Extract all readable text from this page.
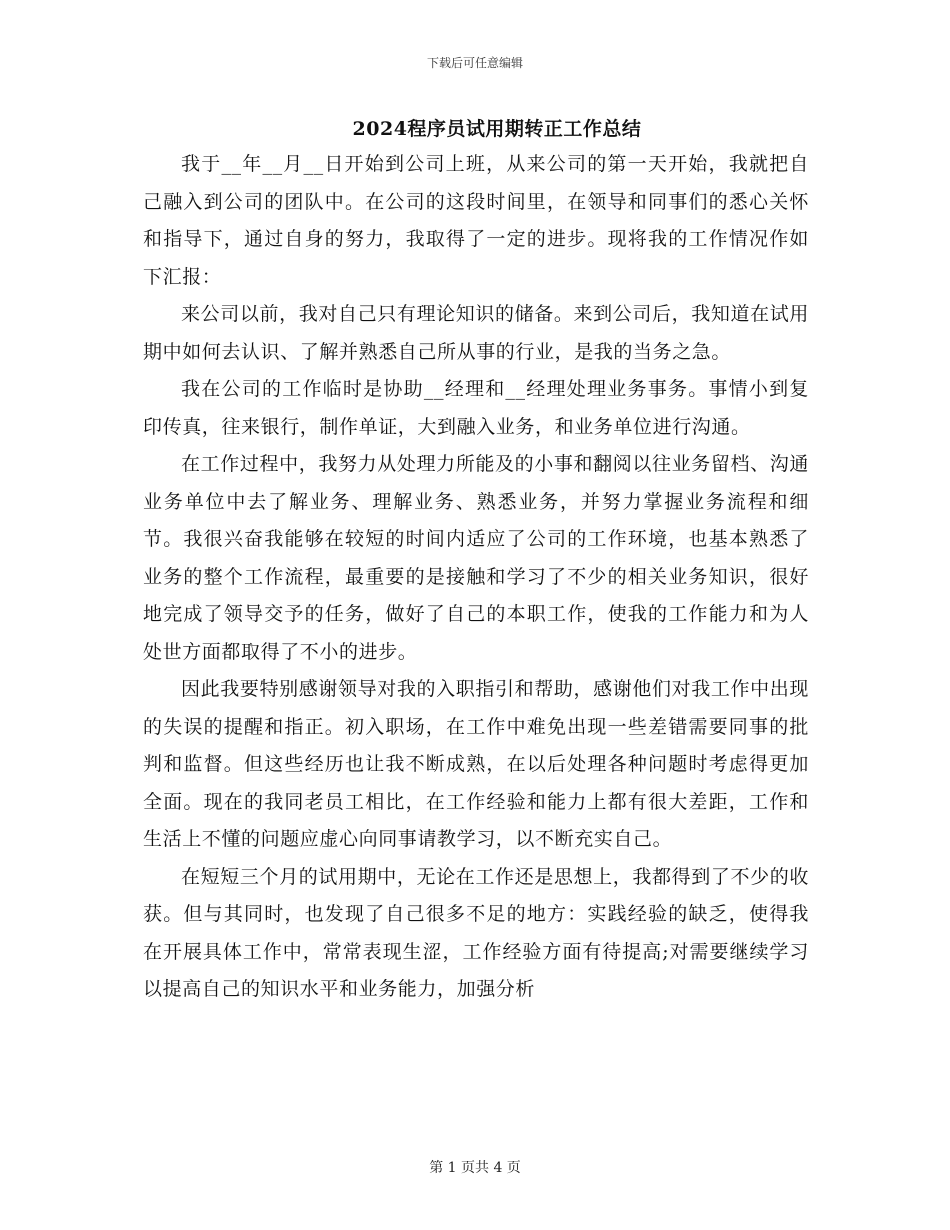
下载后可任意编辑
2024程序员试用期转正工作总结

我于__年__月__日开始到公司上班，从来公司的第一天开始，我就把自己融入到公司的团队中。在公司的这段时间里，在领导和同事们的悉心关怀和指导下，通过自身的努力，我取得了一定的进步。现将我的工作情况作如下汇报：

来公司以前，我对自己只有理论知识的储备。来到公司后，我知道在试用期中如何去认识、了解并熟悉自己所从事的行业，是我的当务之急。

我在公司的工作临时是协助__经理和__经理处理业务事务。事情小到复印传真，往来银行，制作单证，大到融入业务，和业务单位进行沟通。

在工作过程中，我努力从处理力所能及的小事和翻阅以往业务留档、沟通业务单位中去了解业务、理解业务、熟悉业务，并努力掌握业务流程和细节。我很兴奋我能够在较短的时间内适应了公司的工作环境，也基本熟悉了业务的整个工作流程，最重要的是接触和学习了不少的相关业务知识，很好地完成了领导交予的任务，做好了自己的本职工作，使我的工作能力和为人处世方面都取得了不小的进步。

因此我要特别感谢领导对我的入职指引和帮助，感谢他们对我工作中出现的失误的提醒和指正。初入职场，在工作中难免出现一些差错需要同事的批判和监督。但这些经历也让我不断成熟，在以后处理各种问题时考虑得更加全面。现在的我同老员工相比，在工作经验和能力上都有很大差距，工作和生活上不懂的问题应虚心向同事请教学习，以不断充实自己。

在短短三个月的试用期中，无论在工作还是思想上，我都得到了不少的收获。但与其同时，也发现了自己很多不足的地方：实践经验的缺乏，使得我在开展具体工作中，常常表现生涩，工作经验方面有待提高;对需要继续学习以提高自己的知识水平和业务能力，加强分析

第 1 页共 4 页
